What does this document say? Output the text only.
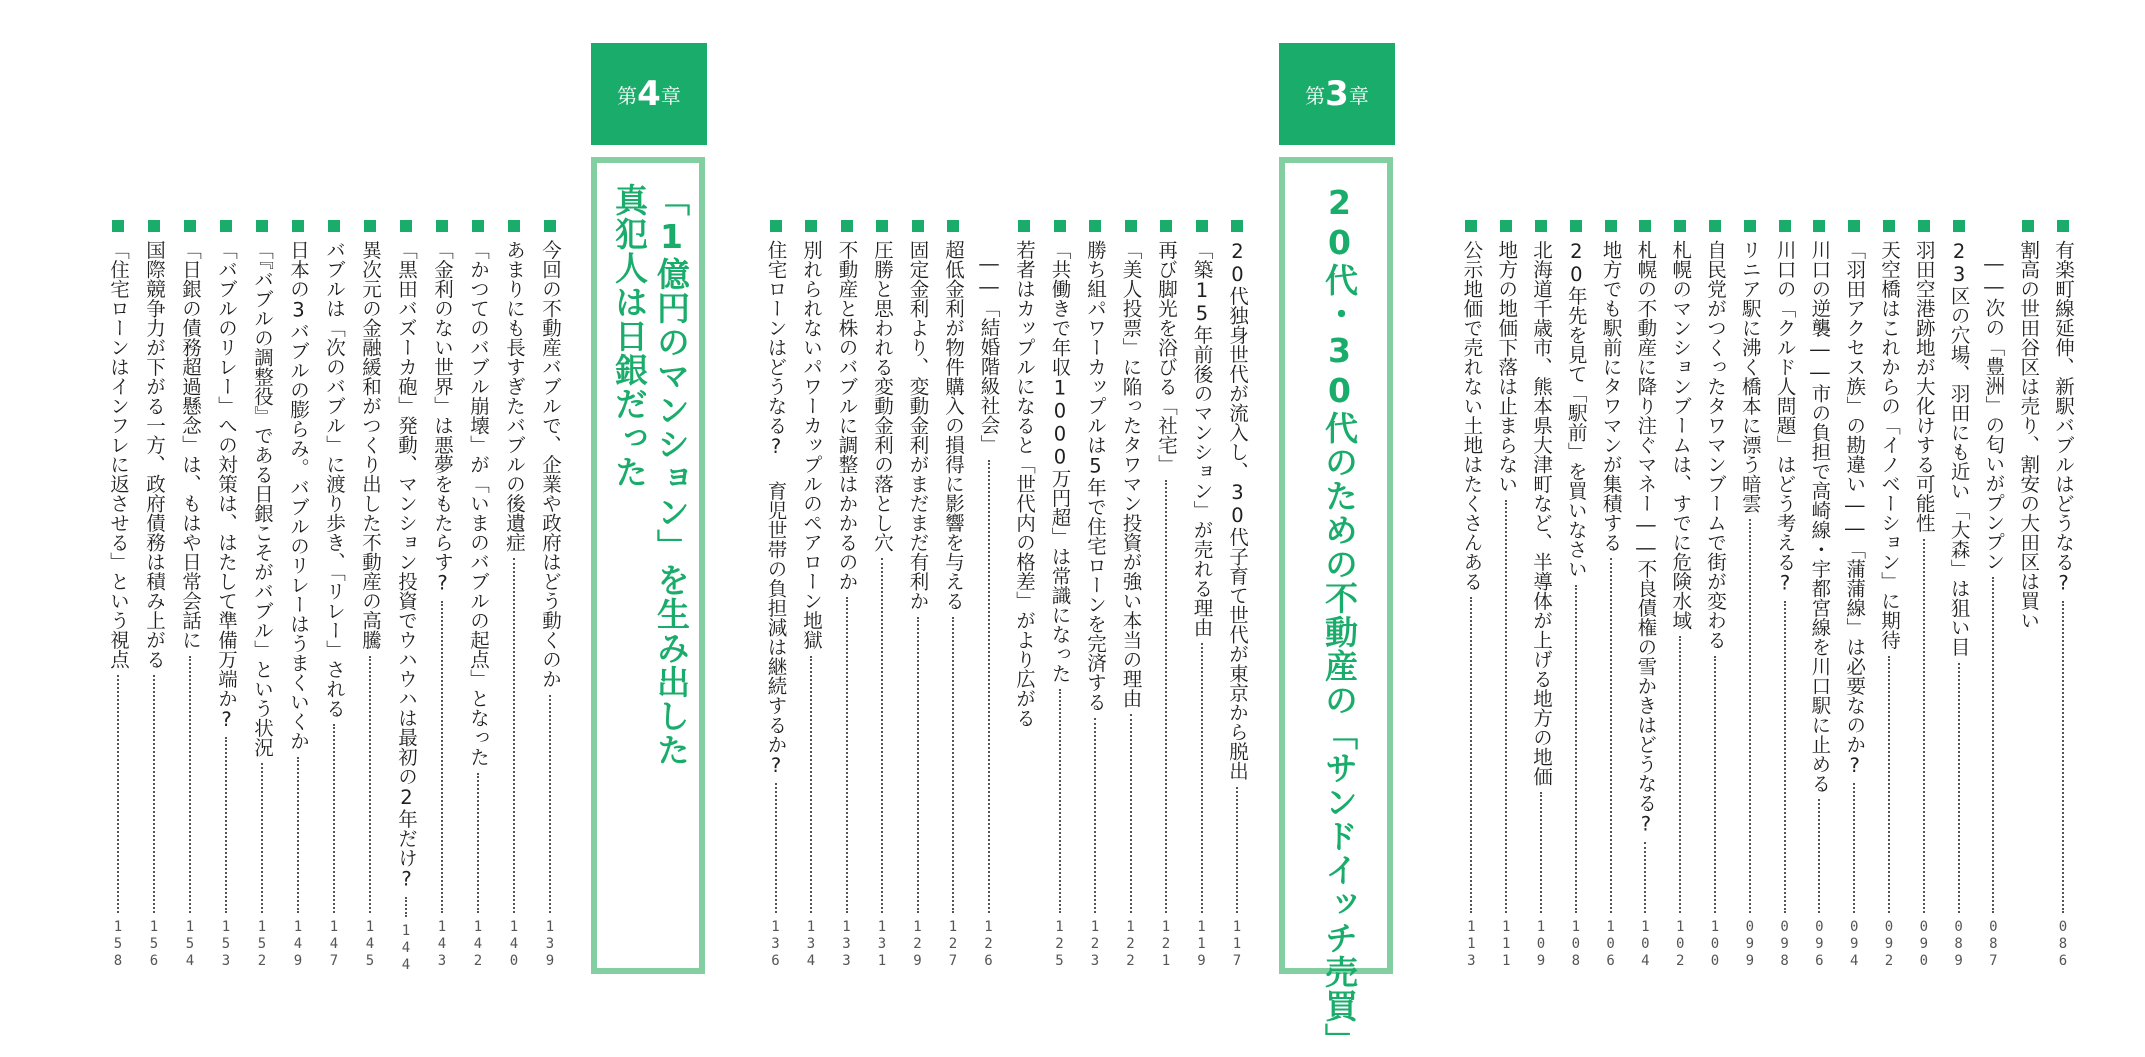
第 3 章
20代・30代のための不動産の「サンドイッチ売買」
第 4 章
「1億円のマンション」を生み出した
真犯人は日銀だった	有楽町線延伸、新駅バブルはどうなる?
086
割高の世田谷区は売り、割安の大田区は買い
――次の「豊洲」の匂いがプンプン
087
23区の穴場、羽田にも近い「大森」は狙い目
089
羽田空港跡地が大化けする可能性
090
天空橋はこれからの「イノベーション」に期待
092
「羽田アクセス族」の勘違い――「蒲蒲線」は必要なのか?
094
川口の逆襲――市の負担で高崎線・宇都宮線を川口駅に止める
096
川口の「クルド人問題」はどう考える?
098
リニア駅に沸く橋本に漂う暗雲
099
自民党がつくったタワマンブームで街が変わる
100
札幌のマンションブームは、すでに危険水域
102
札幌の不動産に降り注ぐマネー――不良債権の雪かきはどうなる?
104
地方でも駅前にタワマンが集積する
106
20年先を見て「駅前」を買いなさい
108
北海道千歳市、熊本県大津町など、半導体が上げる地方の地価
109
地方の地価下落は止まらない
111
公示地価で売れない土地はたくさんある
113
20代独身世代が流入し、30代子育て世代が東京から脱出
117
「築15年前後のマンション」が売れる理由
119
再び脚光を浴びる「社宅」
121
「美人投票」に陥ったタワマン投資が強い本当の理由
122
勝ち組パワーカップルは5年で住宅ローンを完済する
123
「共働きで年収1000万円超」は常識になった
125
若者はカップルになると「世代内の格差」がより広がる
――「結婚階級社会」
126
超低金利が物件購入の損得に影響を与える
127
固定金利より、変動金利がまだまだ有利か
129
圧勝と思われる変動金利の落とし穴
131
不動産と株のバブルに調整はかかるのか
133
別れられないパワーカップルのペアローン地獄
134
住宅ローンはどうなる? 育児世帯の負担減は継続するか?
136
今回の不動産バブルで、企業や政府はどう動くのか
139
あまりにも長すぎたバブルの後遺症
140
「かつてのバブル崩壊」が「いまのバブルの起点」となった
142
「金利のない世界」は悪夢をもたらす?
143
「黒田バズーカ砲」発動、マンション投資でウハウハは最初の2年だけ?
144
異次元の金融緩和がつくり出した不動産の高騰
145
バブルは「次のバブル」に渡り歩き、「リレー」される
147
日本の3バブルの膨らみ。バブルのリレーはうまくいくか
149
「『バブルの調整役』である日銀こそがバブル」という状況
152
「バブルのリレー」への対策は、はたして準備万端か?
153
「日銀の債務超過懸念」は、もはや日常会話に
154
国際競争力が下がる一方、政府債務は積み上がる
156
「住宅ローンはインフレに返させる」という視点
158
